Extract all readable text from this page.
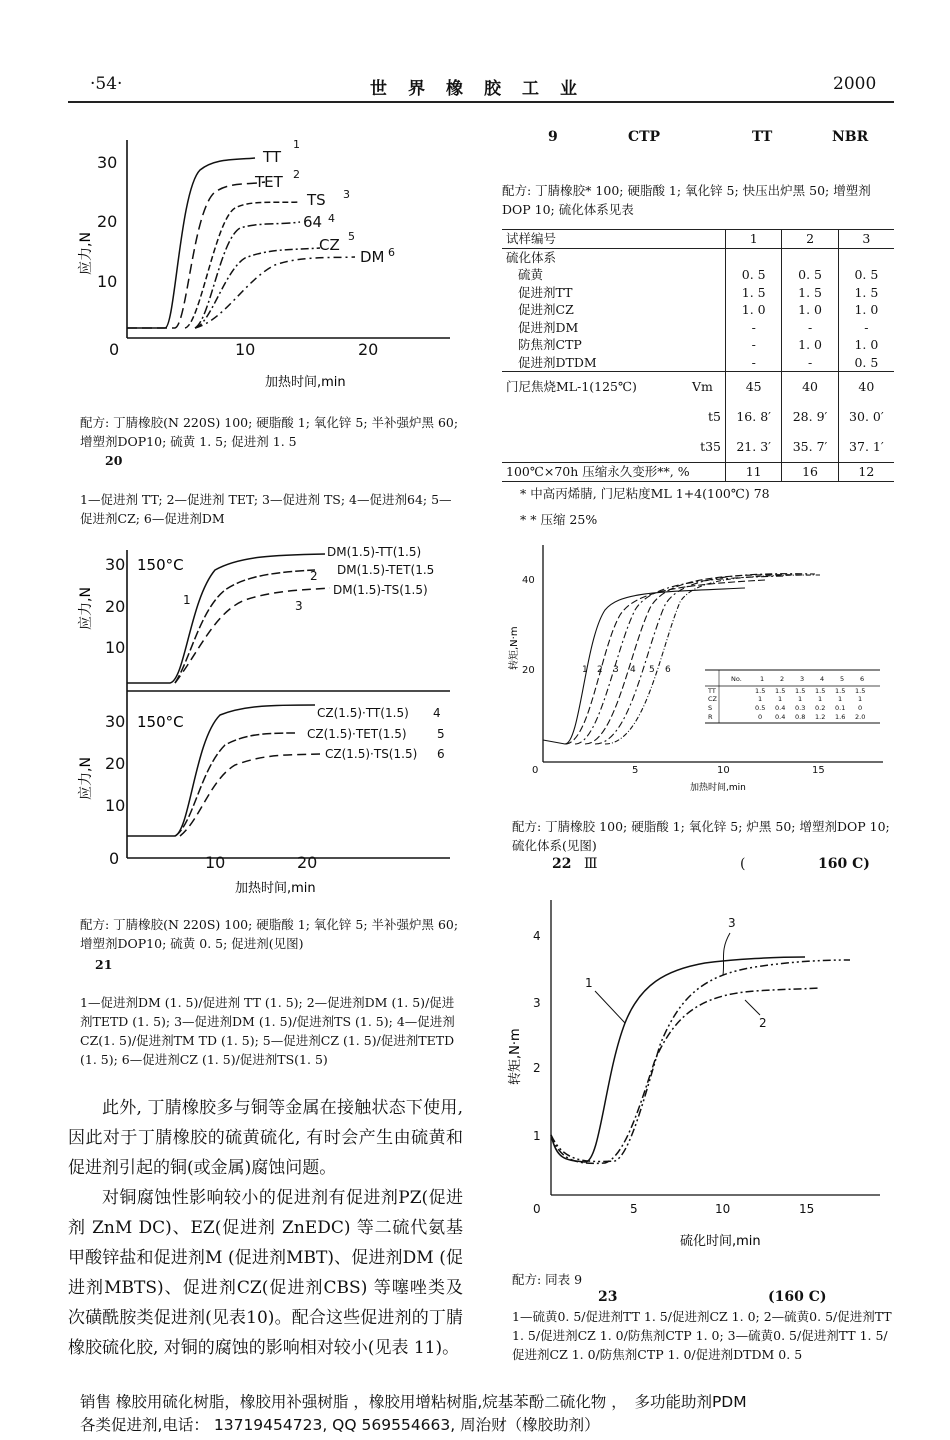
·54·	世　界　橡　胶　工　业	2000
30
20
10
0	10	20
应力,N
TT
1
TET 2
TS 3
64 4
CZ 5
DM 6
加热时间,min
配方: 丁腈橡胶(N 220S) 100; 硬脂酸 1; 氧化锌 5; 半补强炉黑 60; 增塑剂DOP10; 硫黄 1. 5; 促进剂 1. 5
20
1—促进剂 TT; 2—促进剂 TET; 3—促进剂 TS; 4—促进剂64; 5—促进剂CZ; 6—促进剂DM
30
20
10
30
20
10
0	10	20
应力,N
应力,N
150°C
150°C
DM(1.5)-TT(1.5)
DM(1.5)-TET(1.5
DM(1.5)-TS(1.5)
1
2
3
CZ(1.5)·TT(1.5)
CZ(1.5)·TET(1.5)
CZ(1.5)·TS(1.5)
4
5
6
加热时间,min
配方: 丁腈橡胶(N 220S) 100; 硬脂酸 1; 氧化锌 5; 半补强炉黑 60; 增塑剂DOP10; 硫黄 0. 5; 促进剂(见图)
21
1—促进剂DM (1. 5)/促进剂 TT (1. 5); 2—促进剂DM (1. 5)/促进剂TETD (1. 5); 3—促进剂DM (1. 5)/促进剂TS (1. 5); 4—促进剂CZ(1. 5)/促进剂TM TD (1. 5); 5—促进剂CZ (1. 5)/促进剂TETD (1. 5); 6—促进剂CZ (1. 5)/促进剂TS(1. 5)
此外, 丁腈橡胶多与铜等金属在接触状态下使用, 因此对于丁腈橡胶的硫黄硫化, 有时会产生由硫黄和促进剂引起的铜(或金属)腐蚀问题。
对铜腐蚀性影响较小的促进剂有促进剂PZ(促进剂 ZnM DC)、EZ(促进剂 ZnEDC) 等二硫代氨基甲酸锌盐和促进剂M (促进剂MBT)、促进剂DM (促进剂MBTS)、促进剂CZ(促进剂CBS) 等噻唑类及次磺酰胺类促进剂(见表10)。配合这些促进剂的丁腈橡胶硫化胶, 对铜的腐蚀的影响相对较小(见表 11)。
9	CTP	TT	NBR
配方: 丁腈橡胶* 100; 硬脂酸 1; 氧化锌 5; 快压出炉黑 50; 增塑剂DOP 10; 硫化体系见表
试样编号	1	2	3
硫化体系			
硫黄	0. 5	0. 5	0. 5
促进剂TT	1. 5	1. 5	1. 5
促进剂CZ	1. 0	1. 0	1. 0
促进剂DM	-	-	-
防焦剂CTP	-	1. 0	1. 0
促进剂DTDM	-	-	0. 5
门尼焦烧ML-1(125℃) Vm	45	40	40
t5	16. 8′	28. 9′	30. 0′
t35	21. 3′	35. 7′	37. 1′
100℃×70h 压缩永久变形**, %	11	16	12
* 中高丙烯腈, 门尼粘度ML 1+4(100℃) 78
* * 压缩 25%
40
20
0	5	10	15
转矩,N·m	1 2 3 4 5 6
No.	1 2 3 4 5 6
TT	1.5 1.5 1.5 1.5 1.5 1.5
CZ	1 1 1 1 1 1
S	0.5 0.4 0.3 0.2 0.1 0
R	0 0.4 0.8 1.2 1.6 2.0
加热时间,min
配方: 丁腈橡胶 100; 硬脂酸 1; 氧化锌 5; 炉黑 50; 增塑剂DOP 10; 硫化体系(见图)
22 Ⅲ	(	160 C)
4
3
2
1
0	5	10	15
转矩,N·m
1
2
3
硫化时间,min
配方: 同表 9
23	(160 C)
1—硫黄0. 5/促进剂TT 1. 5/促进剂CZ 1. 0; 2—硫黄0. 5/促进剂TT 1. 5/促进剂CZ 1. 0/防焦剂CTP 1. 0; 3—硫黄0. 5/促进剂TT 1. 5/促进剂CZ 1. 0/防焦剂CTP 1. 0/促进剂DTDM 0. 5
销售 橡胶用硫化树脂，橡胶用补强树脂 ，橡胶用增粘树脂,烷基苯酚二硫化物 ，　多功能助剂PDM
各类促进剂,电话： 13719454723, QQ 569554663, 周治财（橡胶助剂）
